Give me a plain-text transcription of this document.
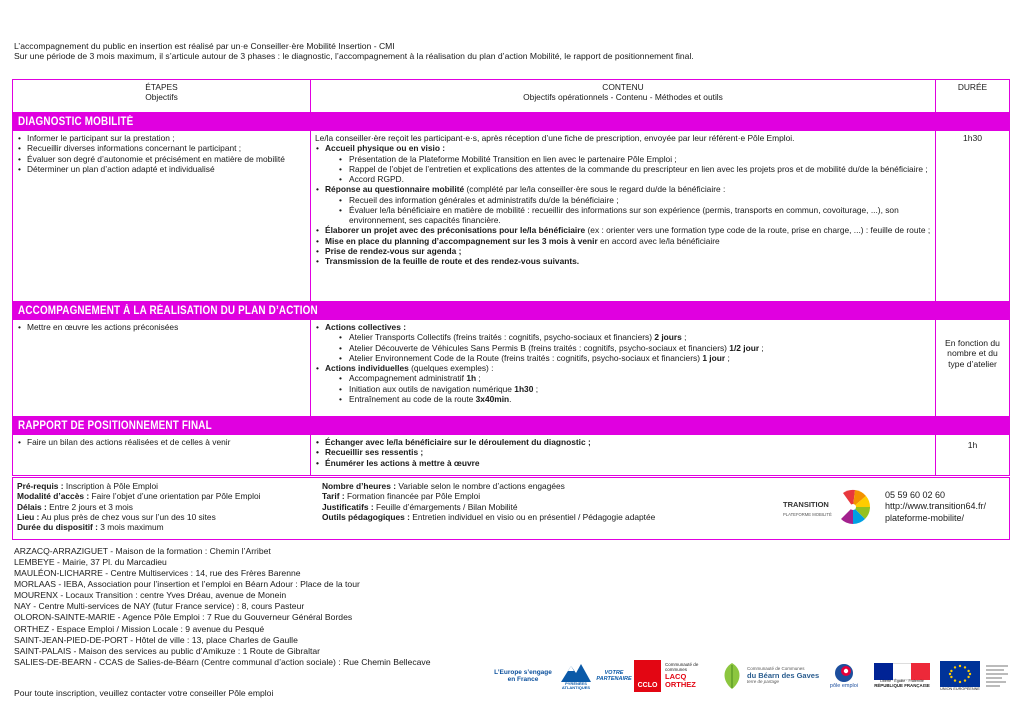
L’accompagnement du public en insertion est réalisé par un·e Conseiller·ère Mobilité Insertion - CMI
Sur une période de 3 mois maximum, il s’articule autour de 3 phases : le diagnostic, l’accompagnement à la réalisation du plan d’action Mobilité, le rapport de positionnement final.
ÉTAPES
Objectifs
CONTENU
Objectifs opérationnels - Contenu - Méthodes et outils
DURÉE
DIAGNOSTIC MOBILITÉ
• Informer le participant sur la prestation ;
• Recueillir diverses informations concernant le participant ;
• Évaluer son degré d’autonomie et précisément en matière de mobilité
• Déterminer un plan d’action adapté et individualisé
Le/la conseiller·ère reçoit les participant·e·s, après réception d’une fiche de prescription, envoyée par leur référent·e Pôle Emploi.
• Accueil physique ou en visio :
• Présentation de la Plateforme Mobilité Transition en lien avec le partenaire Pôle Emploi ;
• Rappel de l’objet de l’entretien et explications des attentes de la commande du prescripteur en lien avec les projets pros et de mobilité du/de la bénéficiaire ;
• Accord RGPD.
• Réponse au questionnaire mobilité (complété par le/la conseiller·ère sous le regard du/de la bénéficiaire :
• Recueil des information générales et administratifs du/de la bénéficiaire ;
• Évaluer le/la bénéficiaire en matière de mobilité : recueillir des informations sur son expérience (permis, transports en commun, covoiturage, ...), son environnement, ses capacités financière.
• Élaborer un projet avec des préconisations pour le/la bénéficiaire (ex : orienter vers une formation type code de la route, prise en charge, ...) : feuille de route ;
• Mise en place du planning d’accompagnement sur les 3 mois à venir en accord avec le/la bénéficiaire
• Prise de rendez-vous sur agenda ;
• Transmission de la feuille de route et des rendez-vous suivants.
1h30
ACCOMPAGNEMENT À LA RÉALISATION DU PLAN D’ACTION
• Mettre en œuvre les actions préconisées	• Actions collectives :
• Atelier Transports Collectifs (freins traités : cognitifs, psycho-sociaux et financiers) 2 jours ;
• Atelier Découverte de Véhicules Sans Permis B (freins traités : cognitifs, psycho-sociaux et financiers) 1/2 jour ;
• Atelier Environnement Code de la Route (freins traités : cognitifs, psycho-sociaux et financiers) 1 jour ;
• Actions individuelles (quelques exemples) :
• Accompagnement administratif 1h ;
• Initiation aux outils de navigation numérique 1h30 ;
• Entraînement au code de la route 3x40min.
En fonction du nombre et du type d’atelier
RAPPORT DE POSITIONNEMENT FINAL
• Faire un bilan des actions réalisées et de celles à venir	• Échanger avec le/la bénéficiaire sur le déroulement du diagnostic ;
• Recueillir ses ressentis ;
• Énumérer les actions à mettre à œuvre
1h
Pré-requis : Inscription à Pôle Emploi
Modalité d’accès : Faire l’objet d’une orientation par Pôle Emploi
Délais : Entre 2 jours et 3 mois
Lieu : Au plus près de chez vous sur l’un des 10 sites
Durée du dispositif : 3 mois maximum
Nombre d’heures : Variable selon le nombre d’actions engagées
Tarif : Formation financée par Pôle Emploi
Justificatifs : Feuille d’émargements / Bilan Mobilité
Outils pédagogiques : Entretien individuel en visio ou en présentiel / Pédagogie adaptée
TRANSITION
PLATEFORME MOBILITÉ
05 59 60 02 60
http://www.transition64.fr/
plateforme-mobilite/
ARZACQ-ARRAZIGUET - Maison de la formation : Chemin l’Arribet
LEMBEYE - Mairie, 37 Pl. du Marcadieu
MAULÉON-LICHARRE - Centre Multiservices : 14, rue des Frères Barenne
MORLAAS - IEBA, Association pour l’insertion et l’emploi en Béarn Adour : Place de la tour
MOURENX - Locaux Transition : centre Yves Dréau, avenue de Monein
NAY - Centre Multi-services de NAY (futur France service) : 8, cours Pasteur
OLORON-SAINTE-MARIE - Agence Pôle Emploi : 7 Rue du Gouverneur Général Bordes
ORTHEZ - Espace Emploi / Mission Locale : 9 avenue du Pesqué
SAINT-JEAN-PIED-DE-PORT - Hôtel de ville : 13, place Charles de Gaulle
SAINT-PALAIS - Maison des services au public d’Amikuze : 1 Route de Gibraltar
SALIES-DE-BEARN - CCAS de Salies-de-Béarn (Centre communal d’action sociale) : Rue Chemin Bellecave
Pour toute inscription, veuillez contacter votre conseiller Pôle emploi
L’Europe s’engage en France
PYRÉNÉES ATLANTIQUES
VOTRE PARTENAIRE
CCLO
Communauté de communes
LACQ ORTHEZ
Communauté de Communes
du Béarn des Gaves
terre de partage
pôle emploi
Liberté · Égalité · Fraternité
RÉPUBLIQUE FRANÇAISE
UNION EUROPÉENNE
